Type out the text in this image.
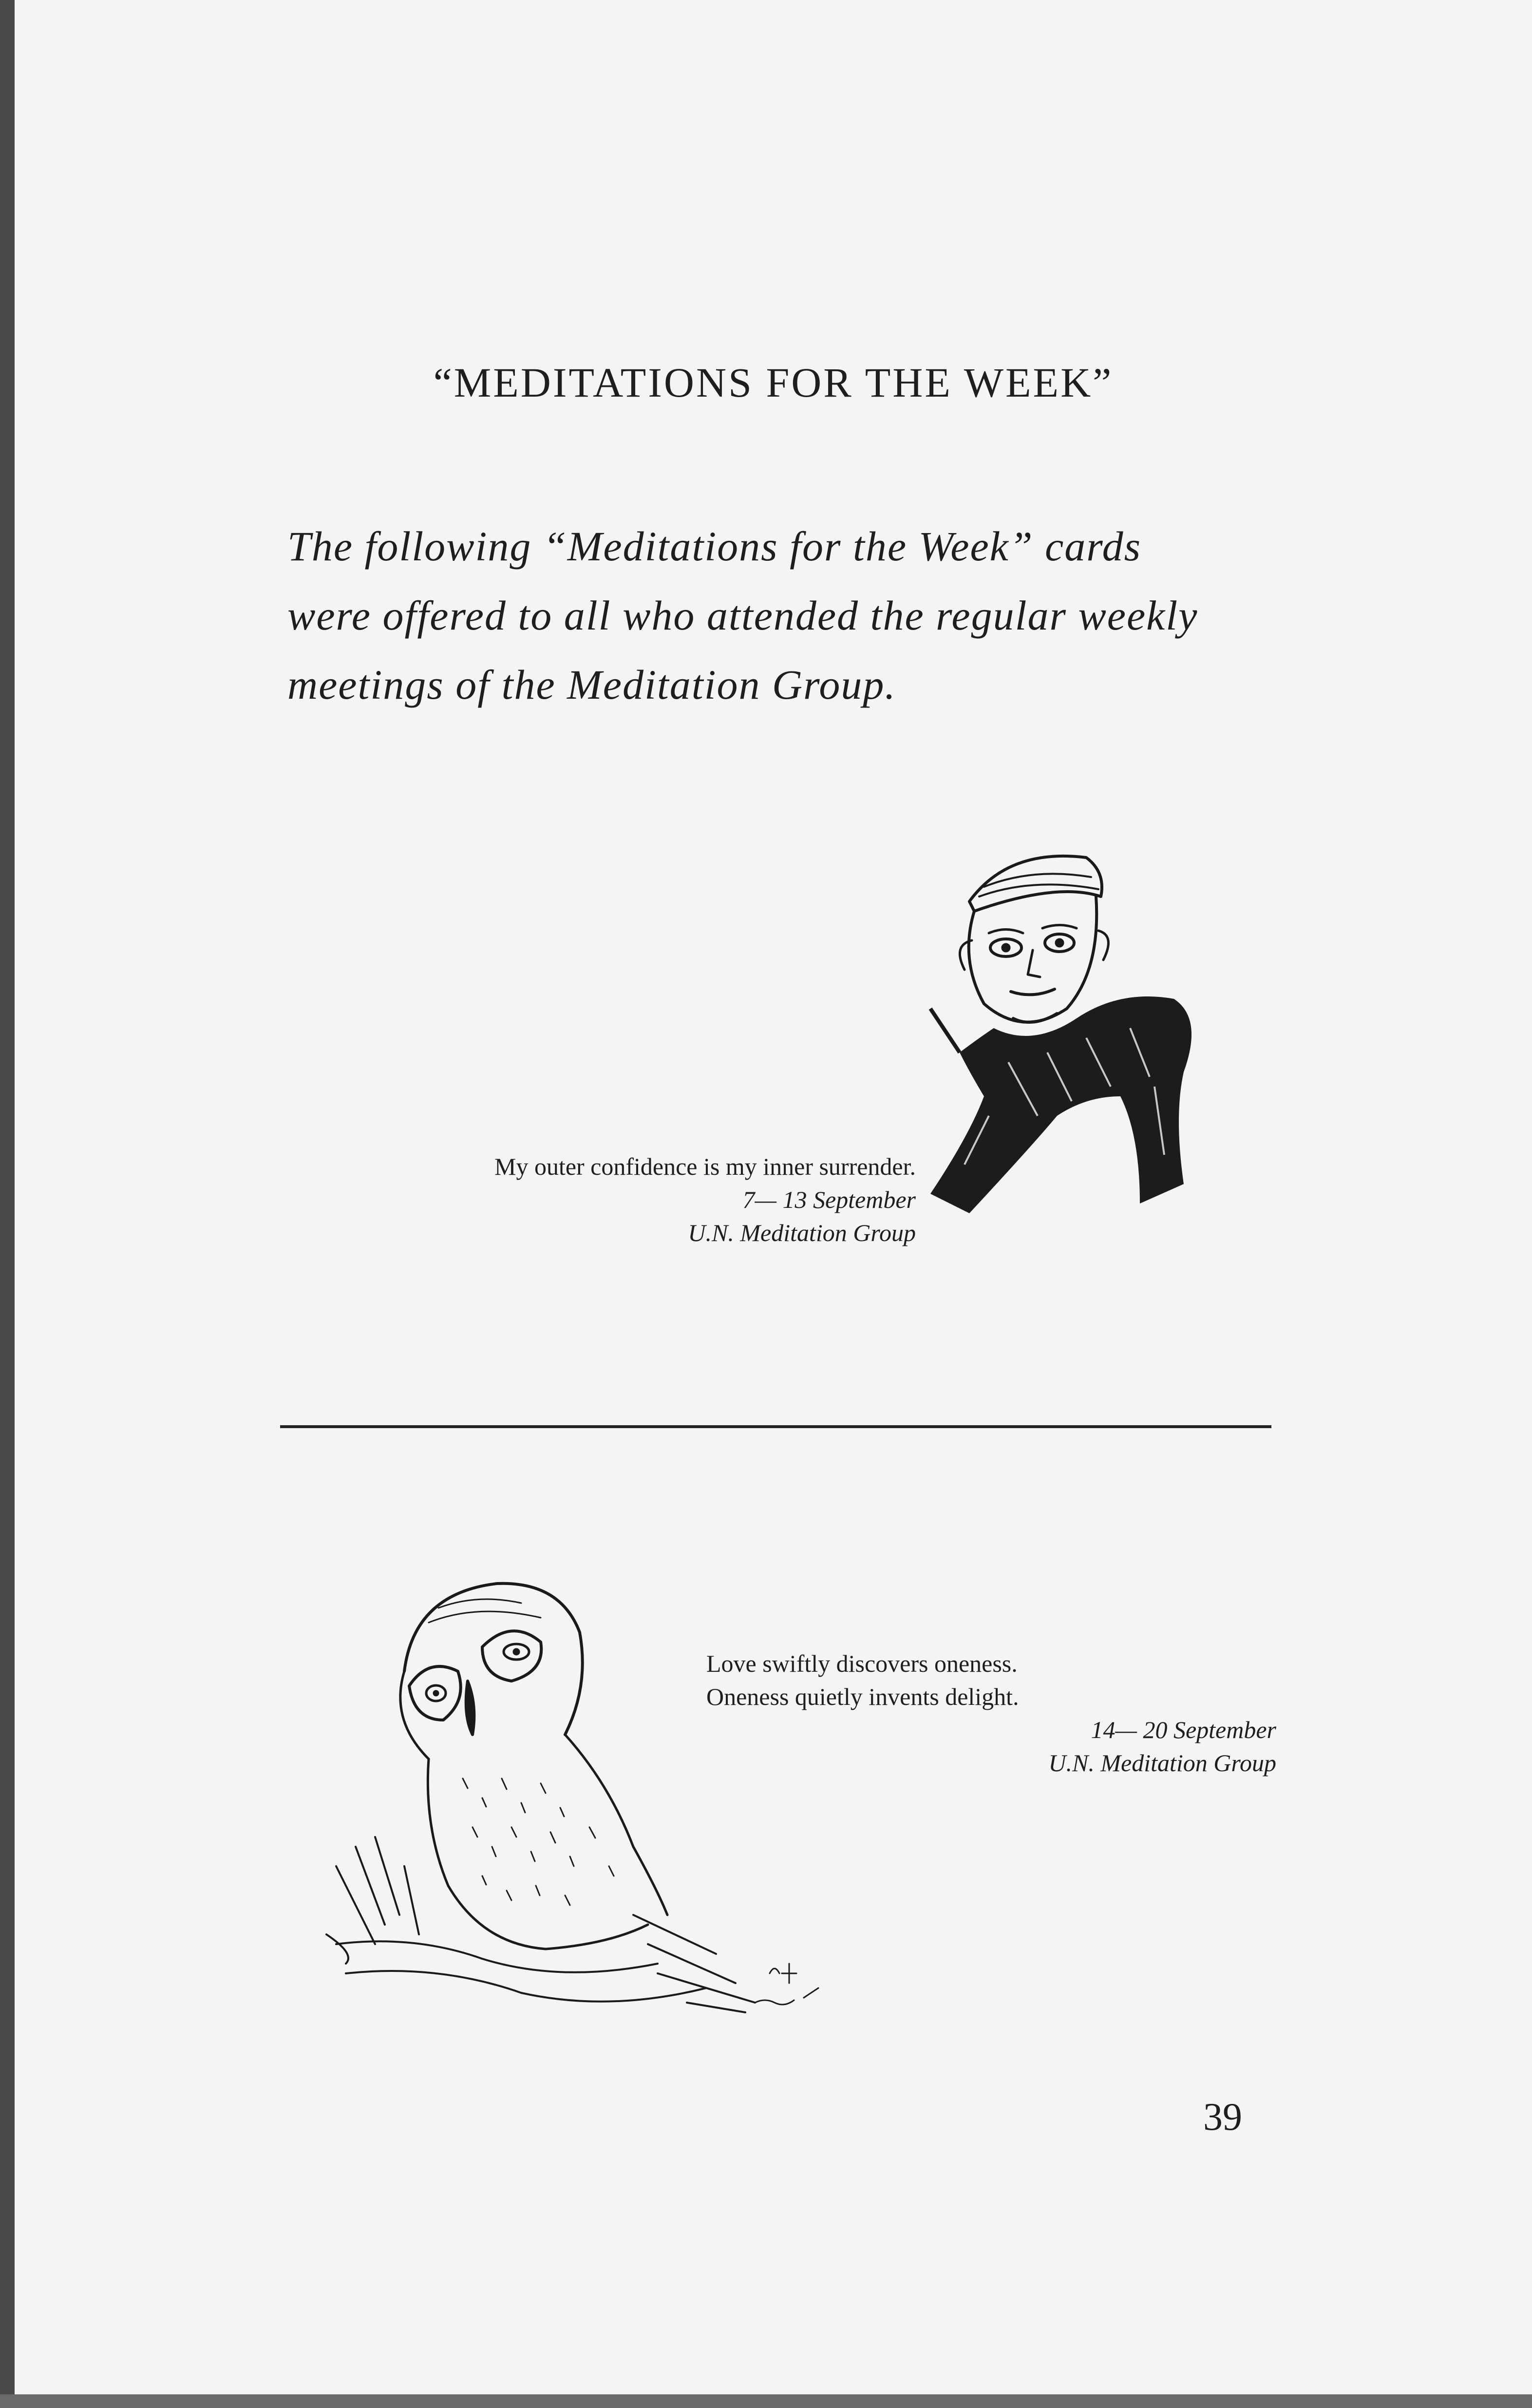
“MEDITATIONS FOR THE WEEK”

The following “Meditations for the Week” cards
were offered to all who attended the regular weekly
meetings of the Meditation Group.

My outer confidence is my inner surrender.
7— 13 September
U.N. Meditation Group
Love swiftly discovers oneness.
Oneness quietly invents delight.
14— 20 September
U.N. Meditation Group

39
